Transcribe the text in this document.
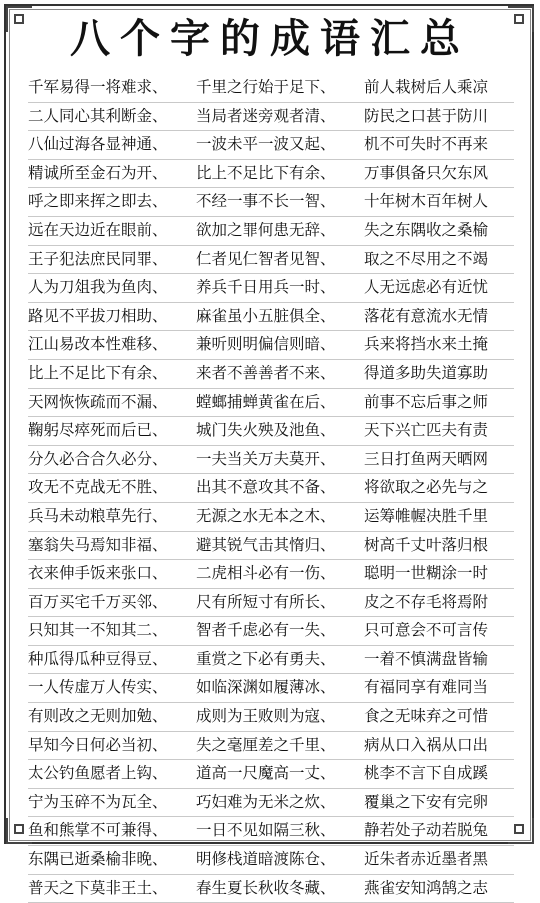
八个字的成语汇总
千军易得一将难求、	千里之行始于足下、	前人栽树后人乘凉
二人同心其利断金、	当局者迷旁观者清、	防民之口甚于防川
八仙过海各显神通、	一波未平一波又起、	机不可失时不再来
精诚所至金石为开、	比上不足比下有余、	万事俱备只欠东风
呼之即来挥之即去、	不经一事不长一智、	十年树木百年树人
远在天边近在眼前、	欲加之罪何患无辞、	失之东隅收之桑榆
王子犯法庶民同罪、	仁者见仁智者见智、	取之不尽用之不竭
人为刀俎我为鱼肉、	养兵千日用兵一时、	人无远虑必有近忧
路见不平拔刀相助、	麻雀虽小五脏俱全、	落花有意流水无情
江山易改本性难移、	兼听则明偏信则暗、	兵来将挡水来土掩
比上不足比下有余、	来者不善善者不来、	得道多助失道寡助
天网恢恢疏而不漏、	螳螂捕蝉黄雀在后、	前事不忘后事之师
鞠躬尽瘁死而后已、	城门失火殃及池鱼、	天下兴亡匹夫有责
分久必合合久必分、	一夫当关万夫莫开、	三日打鱼两天晒网
攻无不克战无不胜、	出其不意攻其不备、	将欲取之必先与之
兵马未动粮草先行、	无源之水无本之木、	运筹帷幄决胜千里
塞翁失马焉知非福、	避其锐气击其惰归、	树高千丈叶落归根
衣来伸手饭来张口、	二虎相斗必有一伤、	聪明一世糊涂一时
百万买宅千万买邻、	尺有所短寸有所长、	皮之不存毛将焉附
只知其一不知其二、	智者千虑必有一失、	只可意会不可言传
种瓜得瓜种豆得豆、	重赏之下必有勇夫、	一着不慎满盘皆输
一人传虚万人传实、	如临深渊如履薄冰、	有福同享有难同当
有则改之无则加勉、	成则为王败则为寇、	食之无味弃之可惜
早知今日何必当初、	失之毫厘差之千里、	病从口入祸从口出
太公钓鱼愿者上钩、	道高一尺魔高一丈、	桃李不言下自成蹊
宁为玉碎不为瓦全、	巧妇难为无米之炊、	覆巢之下安有完卵
鱼和熊掌不可兼得、	一日不见如隔三秋、	静若处子动若脱兔
东隅已逝桑榆非晚、	明修栈道暗渡陈仓、	近朱者赤近墨者黑
普天之下莫非王土、	春生夏长秋收冬藏、	燕雀安知鸿鹄之志
